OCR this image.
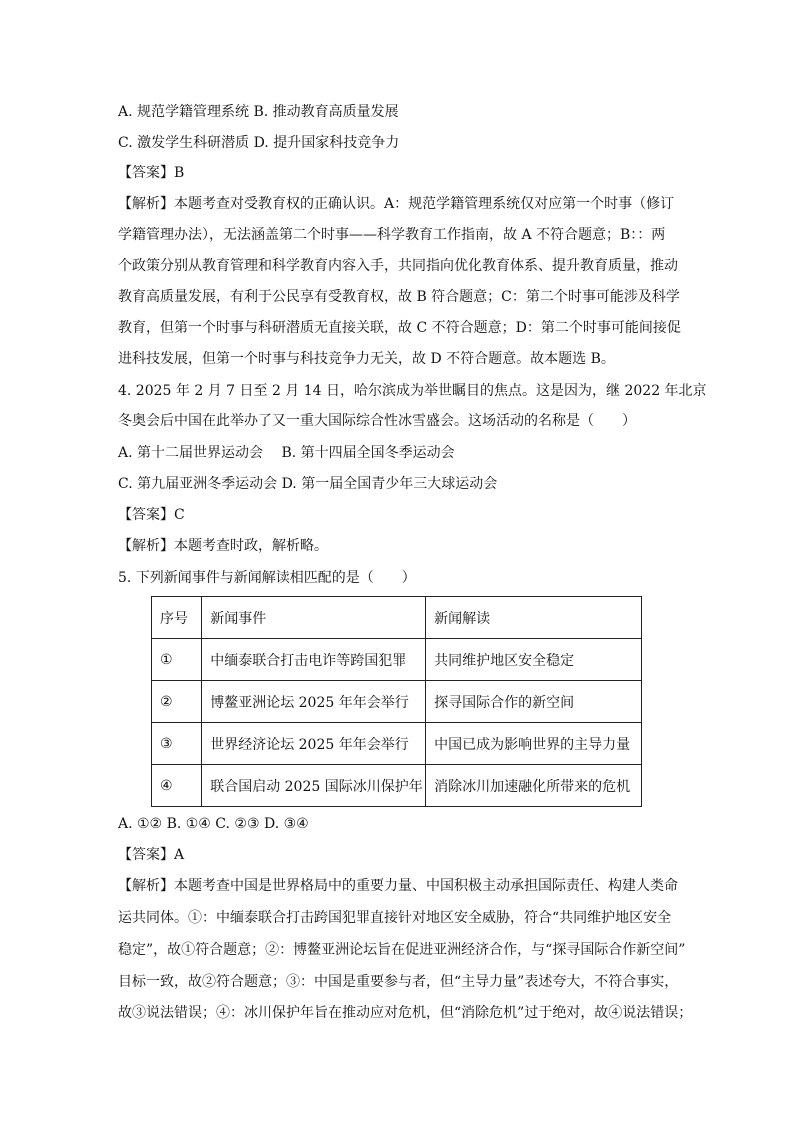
A. 规范学籍管理系统 B. 推动教育高质量发展
C. 激发学生科研潜质 D. 提升国家科技竞争力
【答案】B
【解析】本题考查对受教育权的正确认识。A：规范学籍管理系统仅对应第一个时事（修订
学籍管理办法），无法涵盖第二个时事——科学教育工作指南，故 A 不符合题意；B：：两
个政策分别从教育管理和科学教育内容入手，共同指向优化教育体系、提升教育质量，推动
教育高质量发展，有利于公民享有受教育权，故 B 符合题意；C：第二个时事可能涉及科学
教育，但第一个时事与科研潜质无直接关联，故 C 不符合题意；D：第二个时事可能间接促
进科技发展，但第一个时事与科技竞争力无关，故 D 不符合题意。故本题选 B。
4. 2025 年 2 月 7 日至 2 月 14 日，哈尔滨成为举世瞩目的焦点。这是因为，继 2022 年北京
冬奥会后中国在此举办了又一重大国际综合性冰雪盛会。这场活动的名称是（　　）
A. 第十二届世界运动会　 B. 第十四届全国冬季运动会
C. 第九届亚洲冬季运动会 D. 第一届全国青少年三大球运动会
【答案】C
【解析】本题考查时政，解析略。
5. 下列新闻事件与新闻解读相匹配的是（　　）
序号	新闻事件	新闻解读
①	中缅泰联合打击电诈等跨国犯罪	共同维护地区安全稳定
②	博鳌亚洲论坛 2025 年年会举行	探寻国际合作的新空间
③	世界经济论坛 2025 年年会举行	中国已成为影响世界的主导力量
④	联合国启动 2025 国际冰川保护年	消除冰川加速融化所带来的危机
A. ①② B. ①④ C. ②③ D. ③④
【答案】A
【解析】本题考查中国是世界格局中的重要力量、中国积极主动承担国际责任、构建人类命
运共同体。①：中缅泰联合打击跨国犯罪直接针对地区安全威胁，符合“共同维护地区安全
稳定”，故①符合题意；②：博鳌亚洲论坛旨在促进亚洲经济合作，与“探寻国际合作新空间”
目标一致，故②符合题意；③：中国是重要参与者，但“主导力量”表述夸大，不符合事实，
故③说法错误；④：冰川保护年旨在推动应对危机，但“消除危机”过于绝对，故④说法错误；
